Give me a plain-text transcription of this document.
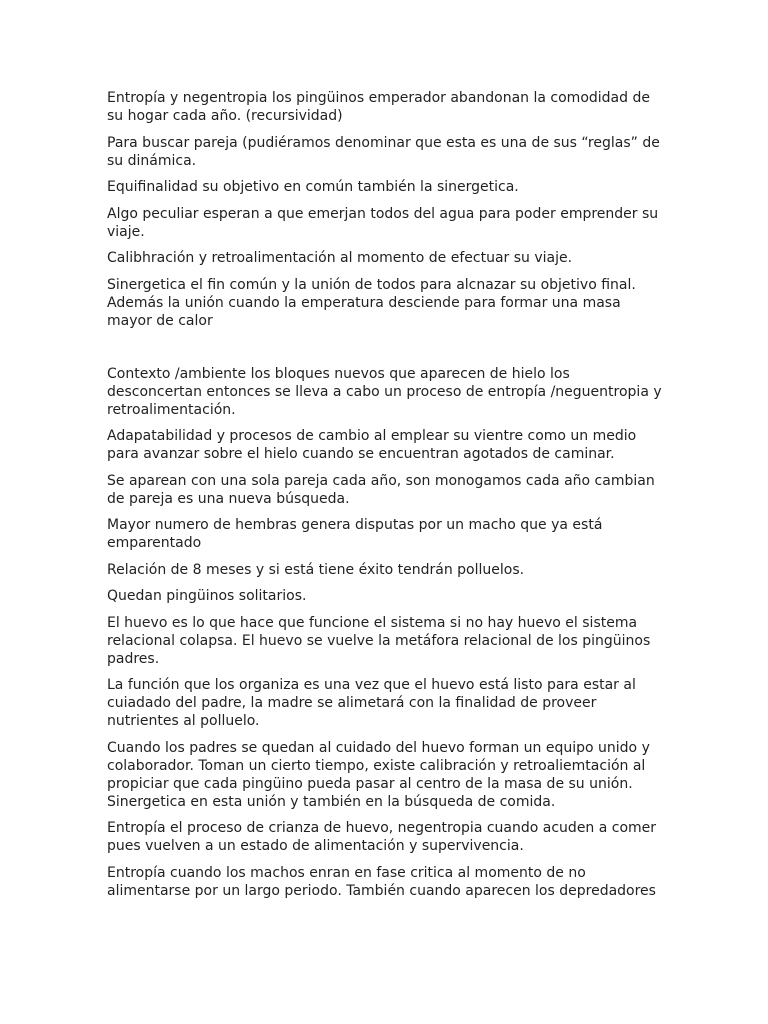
Entropía y negentropia los pingüinos emperador abandonan la comodidad de su hogar cada año. (recursividad)

Para buscar pareja (pudiéramos denominar que esta es una de sus “reglas” de su dinámica.

Equifinalidad su objetivo en común también la sinergetica.

Algo peculiar esperan a que emerjan todos del agua para poder emprender su viaje.

Calibhración y retroalimentación al momento de efectuar su viaje.

Sinergetica el fin común y la unión de todos para alcnazar su objetivo final. Además la unión cuando la emperatura desciende para formar una masa mayor de calor

Contexto /ambiente los bloques nuevos que aparecen de hielo los desconcertan entonces se lleva a cabo un proceso de entropía /neguentropia y retroalimentación.

Adapatabilidad y procesos de cambio al emplear su vientre como un medio para avanzar sobre el hielo cuando se encuentran agotados de caminar.

Se aparean con una sola pareja cada año, son monogamos cada año cambian de pareja es una nueva búsqueda.

Mayor numero de hembras genera disputas por un macho que ya está emparentado

Relación de 8 meses y si está tiene éxito tendrán polluelos.

Quedan pingüinos solitarios.

El huevo es lo que hace que funcione el sistema si no hay huevo el sistema relacional colapsa. El huevo se vuelve la metáfora relacional de los pingüinos padres.

La función que los organiza es una vez que el huevo está listo para estar al cuiadado del padre, la madre se alimetará con la finalidad de proveer nutrientes al polluelo.

Cuando los padres se quedan al cuidado del huevo forman un equipo unido y colaborador. Toman un cierto tiempo, existe calibración y retroaliemtación al propiciar que cada pingüino pueda pasar al centro de la masa de su unión. Sinergetica en esta unión y también en la búsqueda de comida.

Entropía el proceso de crianza de huevo, negentropia cuando acuden a comer pues vuelven a un estado de alimentación y supervivencia.

Entropía cuando los machos enran en fase critica al momento de no alimentarse por un largo periodo. También cuando aparecen los depredadores
